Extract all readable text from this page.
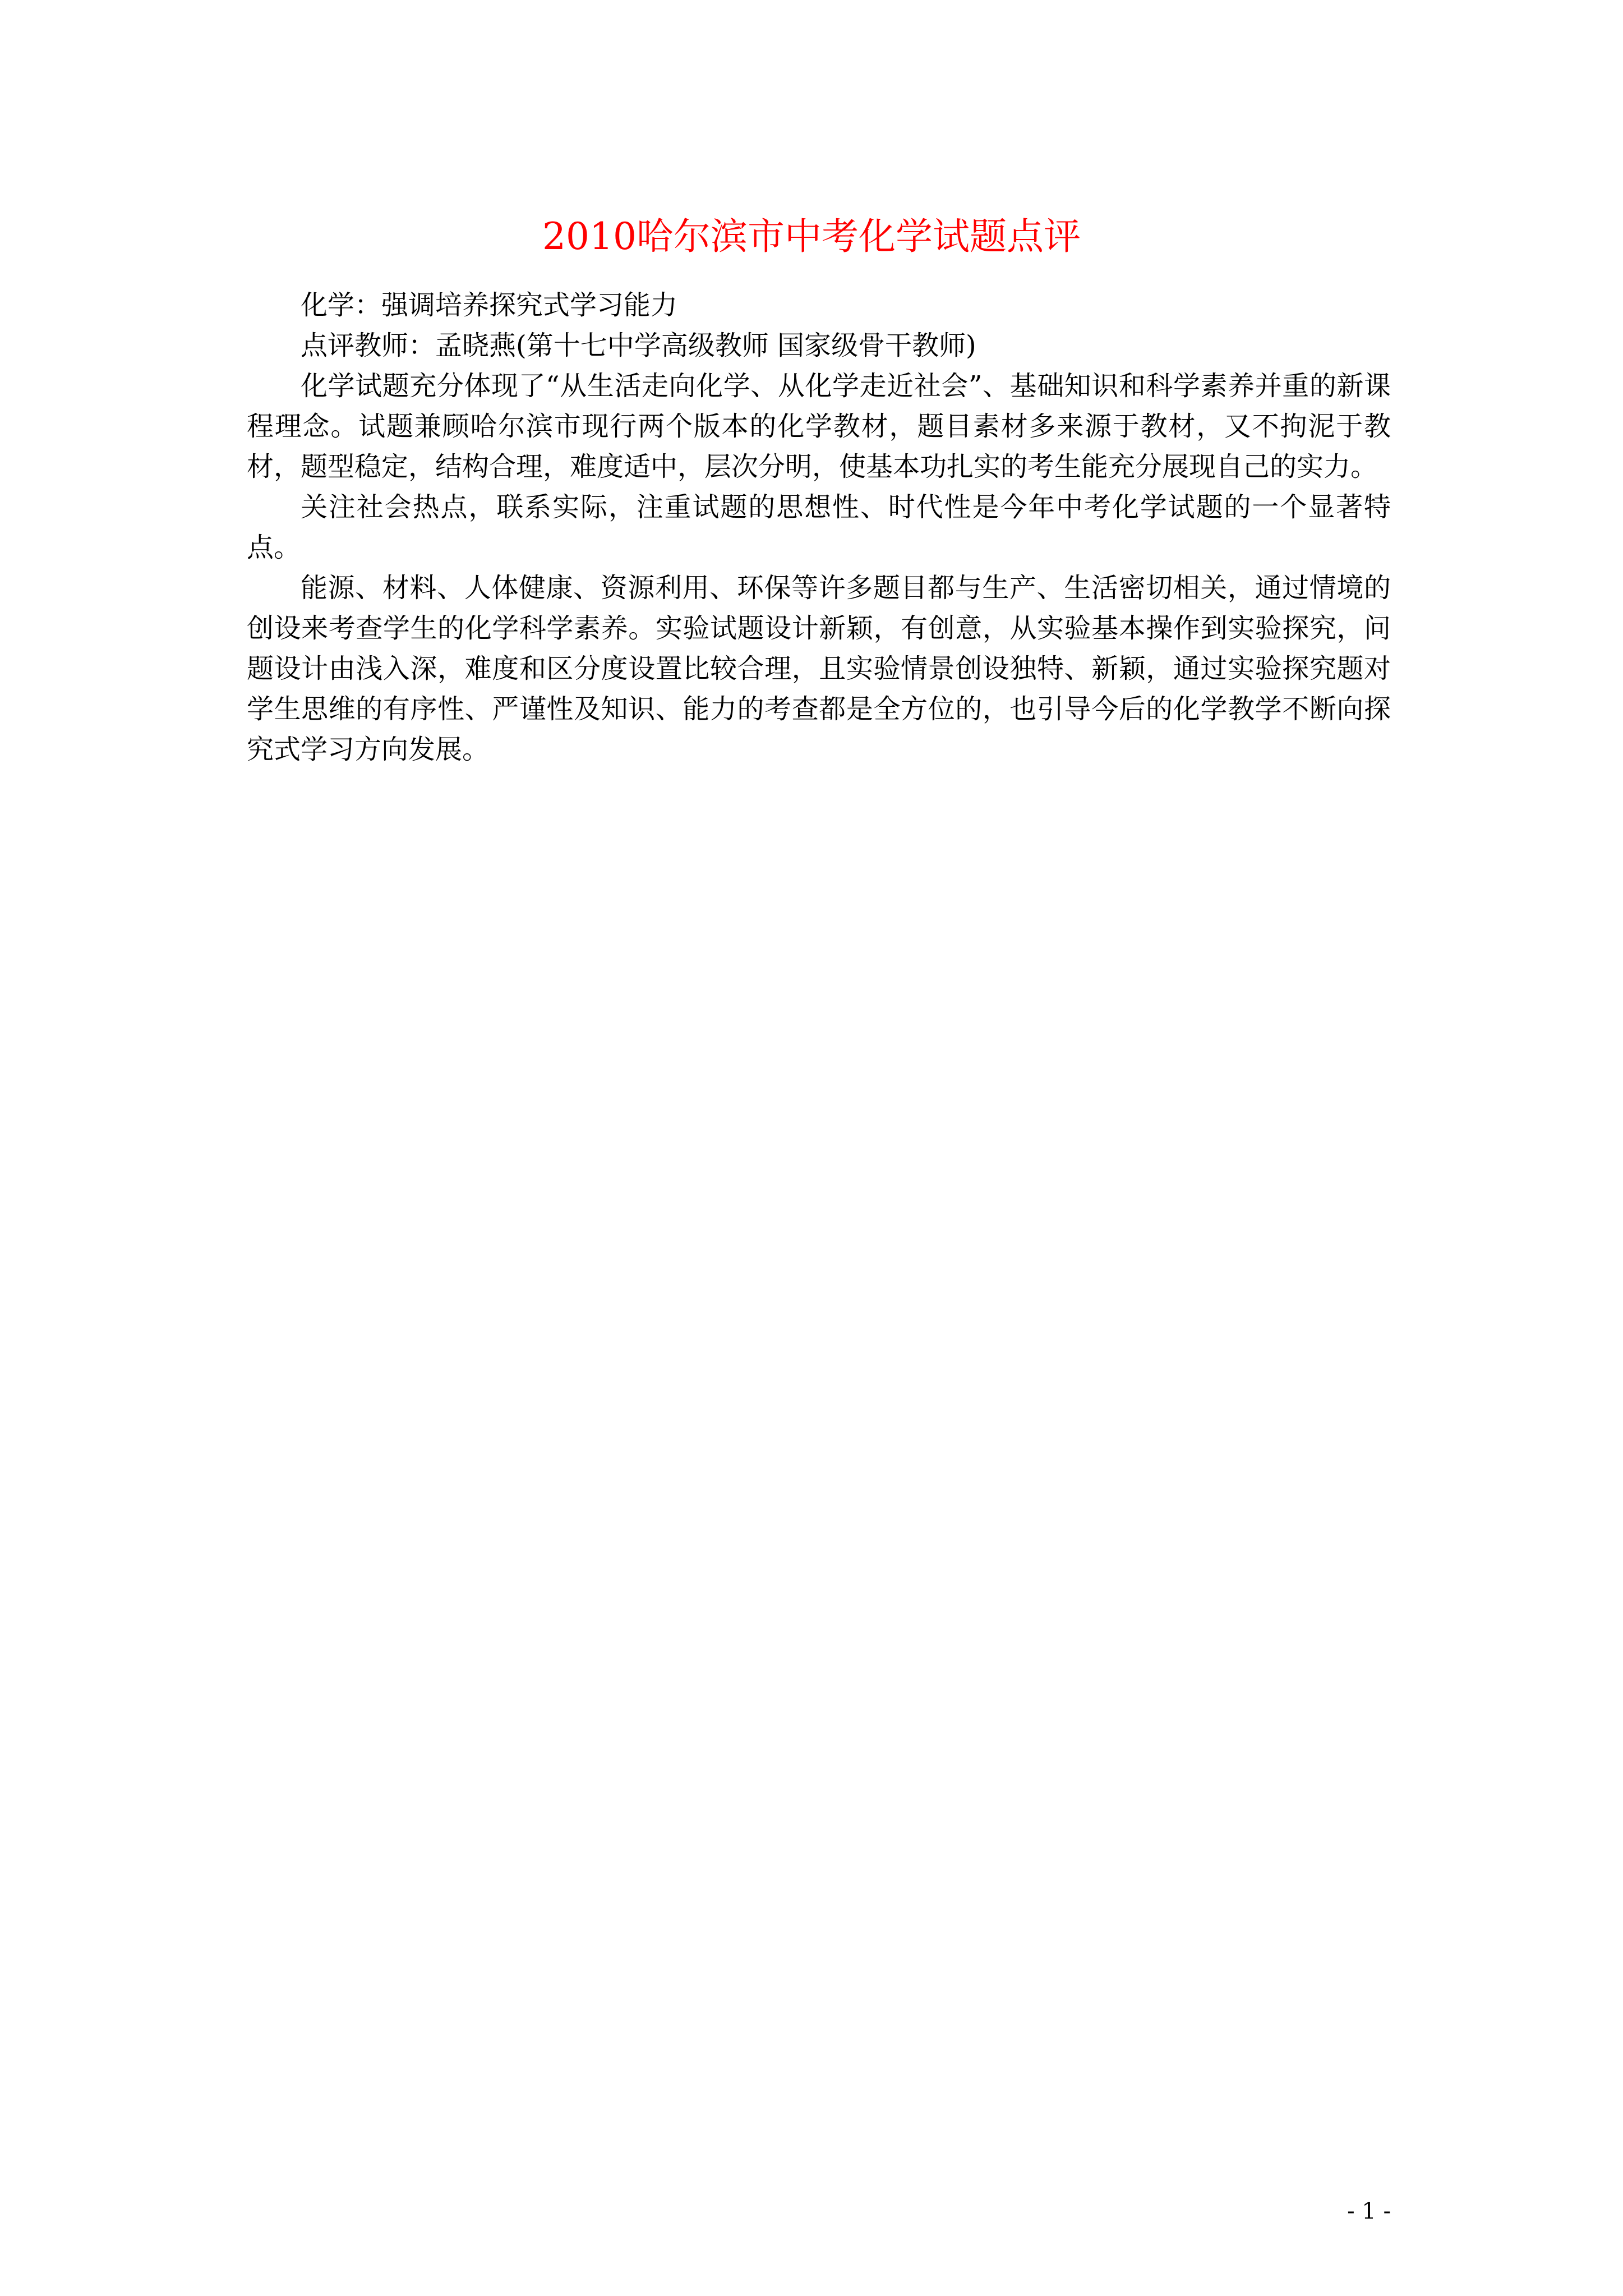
2010哈尔滨市中考化学试题点评

化学：强调培养探究式学习能力

点评教师：孟晓燕(第十七中学高级教师 国家级骨干教师)

化学试题充分体现了“从生活走向化学、从化学走近社会”、基础知识和科学素养并重的新课程理念。试题兼顾哈尔滨市现行两个版本的化学教材，题目素材多来源于教材，又不拘泥于教材，题型稳定，结构合理，难度适中，层次分明，使基本功扎实的考生能充分展现自己的实力。

关注社会热点，联系实际，注重试题的思想性、时代性是今年中考化学试题的一个显著特点。

能源、材料、人体健康、资源利用、环保等许多题目都与生产、生活密切相关，通过情境的创设来考查学生的化学科学素养。实验试题设计新颖，有创意，从实验基本操作到实验探究，问题设计由浅入深，难度和区分度设置比较合理，且实验情景创设独特、新颖，通过实验探究题对学生思维的有序性、严谨性及知识、能力的考查都是全方位的，也引导今后的化学教学不断向探究式学习方向发展。

- 1 -
